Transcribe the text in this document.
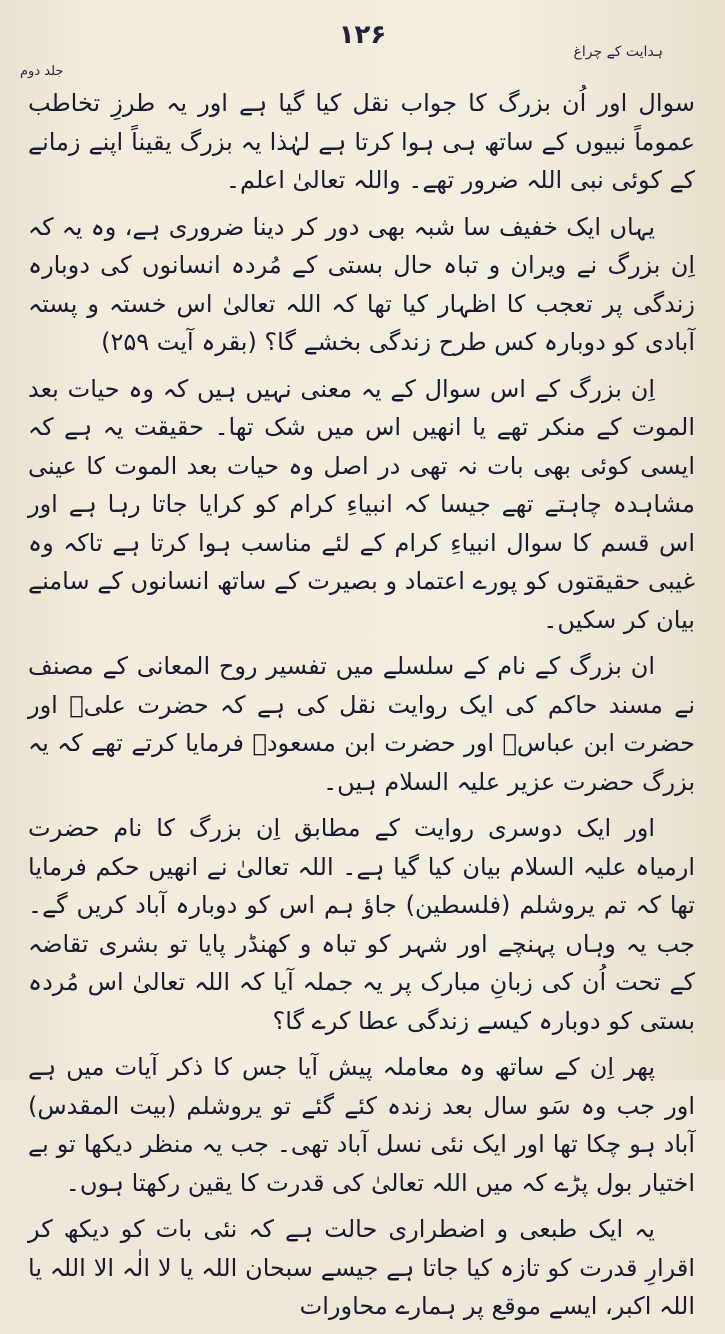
۱۲۶
ہدایت کے چراغ
جلد دوم

سوال اور اُن بزرگ کا جواب نقل کیا گیا ہے اور یہ طرزِ تخاطب عموماً نبیوں کے ساتھ ہی ہوا کرتا ہے لہٰذا یہ بزرگ یقیناً اپنے زمانے کے کوئی نبی اللہ ضرور تھے۔ واللہ تعالیٰ اعلم۔

یہاں ایک خفیف سا شبہ بھی دور کر دینا ضروری ہے، وہ یہ کہ اِن بزرگ نے ویران و تباہ حال بستی کے مُردہ انسانوں کی دوبارہ زندگی پر تعجب کا اظہار کیا تھا کہ اللہ تعالیٰ اس خستہ و پستہ آبادی کو دوبارہ کس طرح زندگی بخشے گا؟ (بقرہ آیت ۲۵۹)

اِن بزرگ کے اس سوال کے یہ معنی نہیں ہیں کہ وہ حیات بعد الموت کے منکر تھے یا انھیں اس میں شک تھا۔ حقیقت یہ ہے کہ ایسی کوئی بھی بات نہ تھی در اصل وہ حیات بعد الموت کا عینی مشاہدہ چاہتے تھے جیسا کہ انبیاءِ کرام کو کرایا جاتا رہا ہے اور اس قسم کا سوال انبیاءِ کرام کے لئے مناسب ہوا کرتا ہے تاکہ وہ غیبی حقیقتوں کو پورے اعتماد و بصیرت کے ساتھ انسانوں کے سامنے بیان کر سکیں۔

ان بزرگ کے نام کے سلسلے میں تفسیر روح المعانی کے مصنف نے مسند حاکم کی ایک روایت نقل کی ہے کہ حضرت علیؓ اور حضرت ابن عباسؓ اور حضرت ابن مسعودؓ فرمایا کرتے تھے کہ یہ بزرگ حضرت عزیر علیہ السلام ہیں۔

اور ایک دوسری روایت کے مطابق اِن بزرگ کا نام حضرت ارمیاہ علیہ السلام بیان کیا گیا ہے۔ اللہ تعالیٰ نے انھیں حکم فرمایا تھا کہ تم یروشلم (فلسطین) جاؤ ہم اس کو دوبارہ آباد کریں گے۔ جب یہ وہاں پہنچے اور شہر کو تباہ و کھنڈر پایا تو بشری تقاضہ کے تحت اُن کی زبانِ مبارک پر یہ جملہ آیا کہ اللہ تعالیٰ اس مُردہ بستی کو دوبارہ کیسے زندگی عطا کرے گا؟

پھر اِن کے ساتھ وہ معاملہ پیش آیا جس کا ذکر آیات میں ہے اور جب وہ سَو سال بعد زندہ کئے گئے تو یروشلم (بیت المقدس) آباد ہو چکا تھا اور ایک نئی نسل آباد تھی۔ جب یہ منظر دیکھا تو بے اختیار بول پڑے کہ میں اللہ تعالیٰ کی قدرت کا یقین رکھتا ہوں۔

یہ ایک طبعی و اضطراری حالت ہے کہ نئی بات کو دیکھ کر اقرارِ قدرت کو تازہ کیا جاتا ہے جیسے سبحان اللہ یا لا الٰہ الا اللہ یا اللہ اکبر، ایسے موقع پر ہمارے محاورات
